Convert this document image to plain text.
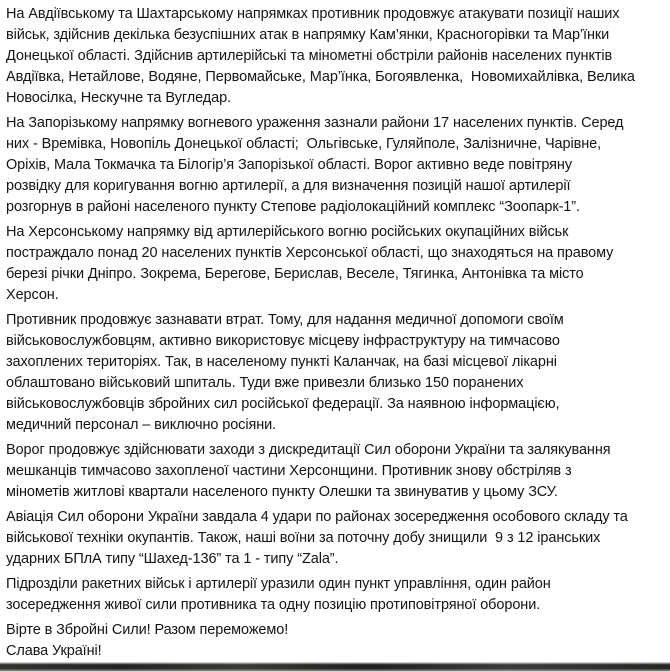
На Авдіївському та Шахтарському напрямках противник продовжує атакувати позиції наших
військ, здійснив декілька безуспішних атак в напрямку Кам’янки, Красногорівки та Мар’їнки
Донецької області. Здійснив артилерійські та мінометні обстріли районів населених пунктів
Авдіївка, Нетайлове, Водяне, Первомайське, Мар’їнка, Богоявленка,  Новомихайлівка, Велика
Новосілка, Нескучне та Вугледар.

На Запорізькому напрямку вогневого ураження зазнали райони 17 населених пунктів. Серед
них - Времівка, Новопіль Донецької області;  Ольгівське, Гуляйполе, Залізничне, Чарівне,
Оріхів, Мала Токмачка та Білогір’я Запорізької області. Ворог активно веде повітряну
розвідку для коригування вогню артилерії, а для визначення позицій нашої артилерії
розгорнув в районі населеного пункту Степове радіолокаційний комплекс “Зоопарк-1”.

На Херсонському напрямку від артилерійського вогню російських окупаційних військ
постраждало понад 20 населених пунктів Херсонської області, що знаходяться на правому
березі річки Дніпро. Зокрема, Берегове, Берислав, Веселе, Тягинка, Антонівка та місто
Херсон.

Противник продовжує зазнавати втрат. Тому, для надання медичної допомоги своїм
військовослужбовцям, активно використовує місцеву інфраструктуру на тимчасово
захоплених територіях. Так, в населеному пункті Каланчак, на базі місцевої лікарні
облаштовано військовий шпиталь. Туди вже привезли близько 150 поранених
військовослужбовців збройних сил російської федерації. За наявною інформацією,
медичний персонал – виключно росіяни.

Ворог продовжує здійснювати заходи з дискредитації Сил оборони України та залякування
мешканців тимчасово захопленої частини Херсонщини. Противник знову обстріляв з
мінометів житлові квартали населеного пункту Олешки та звинуватив у цьому ЗСУ.

Авіація Сил оборони України завдала 4 удари по районах зосередження особового складу та
військової техніки окупантів. Також, наші воїни за поточну добу знищили  9 з 12 іранських
ударних БПлА типу “Шахед-136” та 1 - типу “Zala”.

Підрозділи ракетних військ і артилерії уразили один пункт управління, один район
зосередження живої сили противника та одну позицію протиповітряної оборони.

Вірте в Збройні Сили! Разом переможемо!
Слава Україні!
